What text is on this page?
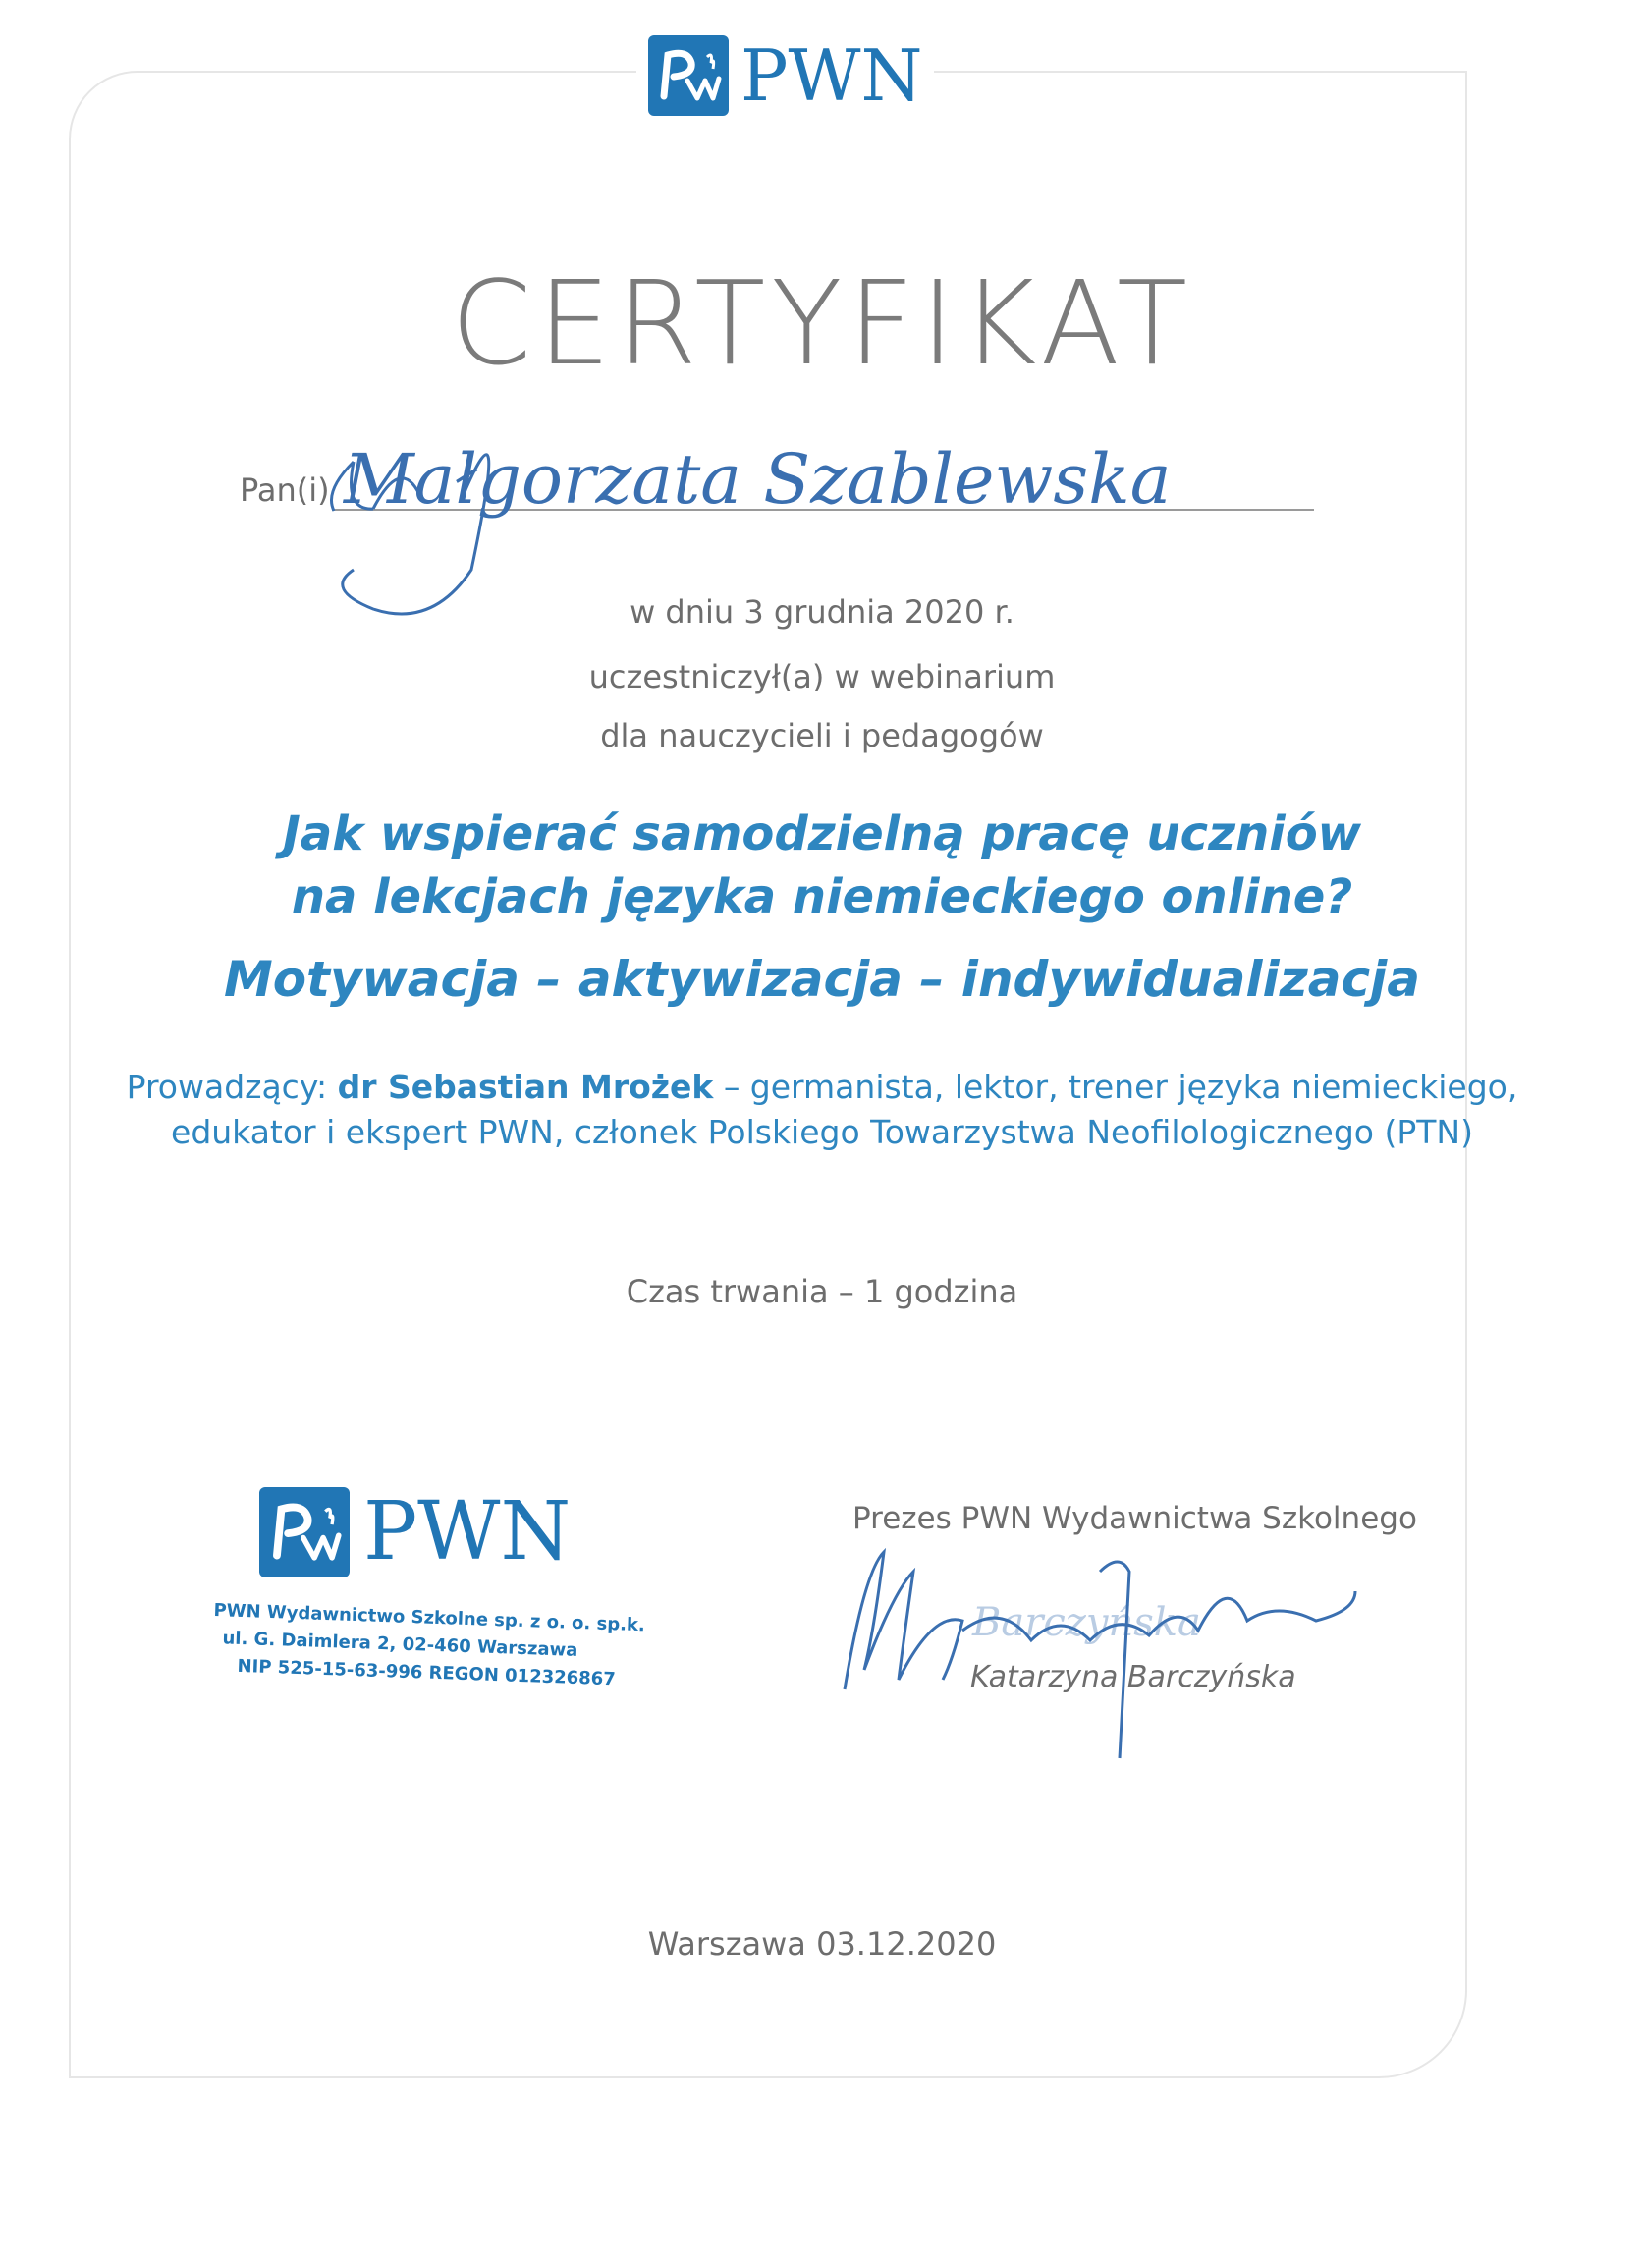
PWN
CERTYFIKAT
Pan(i) Małgorzata Szablewska
w dniu 3 grudnia 2020 r.
uczestniczył(a) w webinarium
dla nauczycieli i pedagogów
Jak wspierać samodzielną pracę uczniów
na lekcjach języka niemieckiego online?
Motywacja – aktywizacja – indywidualizacja
Prowadzący: dr Sebastian Mrożek – germanista, lektor, trener języka niemieckiego,
edukator i ekspert PWN, członek Polskiego Towarzystwa Neofilologicznego (PTN)
Czas trwania – 1 godzina
PWN
PWN Wydawnictwo Szkolne sp. z o. o. sp.k.
ul. G. Daimlera 2, 02-460 Warszawa
NIP 525-15-63-996 REGON 012326867
Prezes PWN Wydawnictwa Szkolnego
Barczyńska
Katarzyna Barczyńska
Warszawa 03.12.2020
